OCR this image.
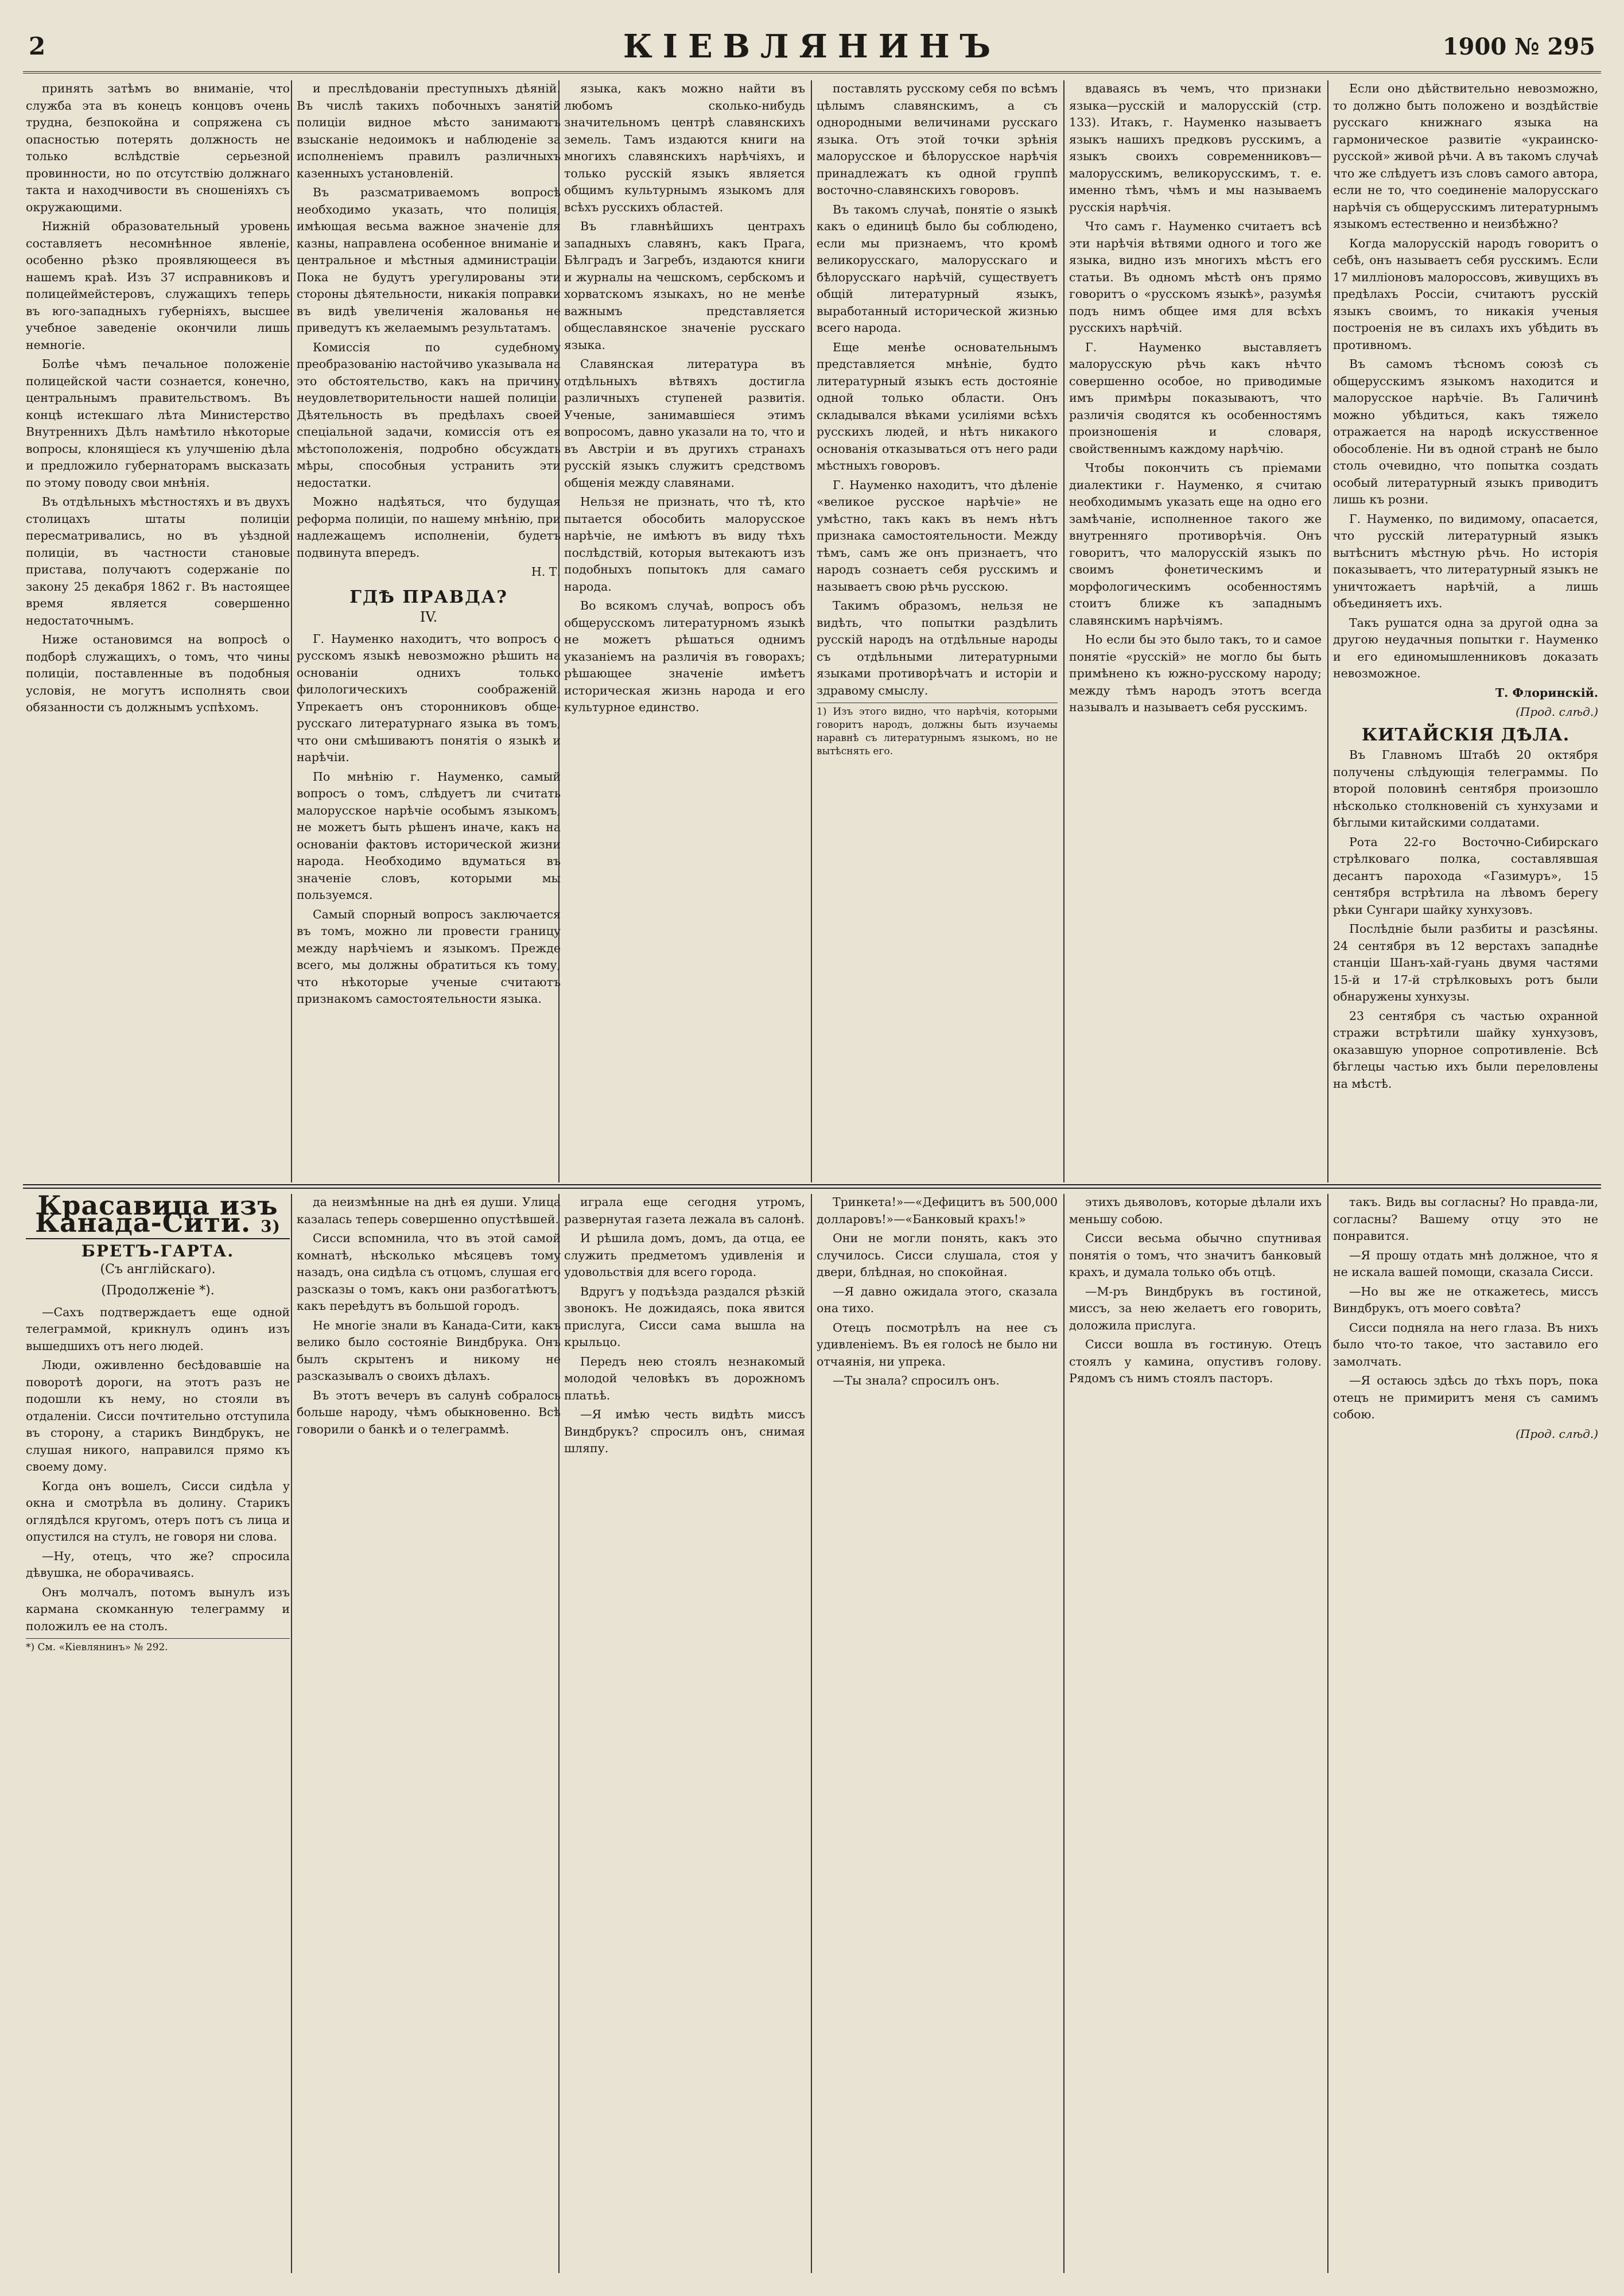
2	КІЕВЛЯНИНЪ	1900 № 295

принять затѣмъ во вниманіе, что служба эта въ конецъ концовъ очень трудна, безпокойна и сопряжена съ опасностью потерять должность не только вслѣдствіе серьезной провинности, но по отсутствію должнаго такта и находчивости въ сношеніяхъ съ окружающими.

Нижній образовательный уровень составляетъ несомнѣнное явленіе, особенно рѣзко проявляющееся въ нашемъ краѣ. Изъ 37 исправниковъ и полицеймейстеровъ, служащихъ теперь въ юго-западныхъ губерніяхъ, высшее учебное заведеніе окончили лишь немногіе.

Болѣе чѣмъ печальное положеніе полицейской части сознается, конечно, центральнымъ правительствомъ. Въ концѣ истекшаго лѣта Министерство Внутреннихъ Дѣлъ намѣтило нѣкоторые вопросы, клонящіеся къ улучшенію дѣла и предложило губернаторамъ высказать по этому поводу свои мнѣнія.

Въ отдѣльныхъ мѣстностяхъ и въ двухъ столицахъ штаты полиціи пересматривались, но въ уѣздной полиціи, въ частности становые пристава, получаютъ содержаніе по закону 25 декабря 1862 г. Въ настоящее время является совершенно недостаточнымъ.

Ниже остановимся на вопросѣ о подборѣ служащихъ, о томъ, что чины полиціи, поставленные въ подобныя условія, не могутъ исполнять свои обязанности съ должнымъ успѣхомъ.

и преслѣдованіи преступныхъ дѣяній. Въ числѣ такихъ побочныхъ занятій полиціи видное мѣсто занимаютъ взысканіе недоимокъ и наблюденіе за исполненіемъ правилъ различныхъ казенныхъ установленій.

Въ разсматриваемомъ вопросѣ необходимо указать, что полиція, имѣющая весьма важное значеніе для казны, направлена особенное вниманіе и центральное и мѣстныя администраціи. Пока не будутъ урегулированы эти стороны дѣятельности, никакія поправки въ видѣ увеличенія жалованья не приведутъ къ желаемымъ результатамъ.

Комиссія по судебному преобразованію настойчиво указывала на это обстоятельство, какъ на причину неудовлетворительности нашей полиціи. Дѣятельность въ предѣлахъ своей спеціальной задачи, комиссія отъ ея мѣстоположенія, подробно обсуждать мѣры, способныя устранить эти недостатки.

Можно надѣяться, что будущая реформа полиціи, по нашему мнѣнію, при надлежащемъ исполненіи, будетъ подвинута впередъ.

Н. Т.

ГДѢ ПРАВДА?
IV.

Г. Науменко находитъ, что вопросъ о русскомъ языкѣ невозможно рѣшить на основаніи однихъ только филологическихъ соображеній. Упрекаетъ онъ сторонниковъ обще-русскаго литературнаго языка въ томъ, что они смѣшиваютъ понятія о языкѣ и нарѣчіи.

По мнѣнію г. Науменко, самый вопросъ о томъ, слѣдуетъ ли считать малорусское нарѣчіе особымъ языкомъ, не можетъ быть рѣшенъ иначе, какъ на основаніи фактовъ исторической жизни народа. Необходимо вдуматься въ значеніе словъ, которыми мы пользуемся.

Самый спорный вопросъ заключается въ томъ, можно ли провести границу между нарѣчіемъ и языкомъ. Прежде всего, мы должны обратиться къ тому, что нѣкоторые ученые считаютъ признакомъ самостоятельности языка.

языка, какъ можно найти въ любомъ сколько-нибудь значительномъ центрѣ славянскихъ земель. Тамъ издаются книги на многихъ славянскихъ нарѣчіяхъ, и только русскій языкъ является общимъ культурнымъ языкомъ для всѣхъ русскихъ областей.

Въ главнѣйшихъ центрахъ западныхъ славянъ, какъ Прага, Бѣлградъ и Загребъ, издаются книги и журналы на чешскомъ, сербскомъ и хорватскомъ языкахъ, но не менѣе важнымъ представляется общеславянское значеніе русскаго языка.

Славянская литература въ отдѣльныхъ вѣтвяхъ достигла различныхъ ступеней развитія. Ученые, занимавшіеся этимъ вопросомъ, давно указали на то, что и въ Австріи и въ другихъ странахъ русскій языкъ служитъ средствомъ общенія между славянами.

Нельзя не признать, что тѣ, кто пытается обособить малорусское нарѣчіе, не имѣютъ въ виду тѣхъ послѣдствій, которыя вытекаютъ изъ подобныхъ попытокъ для самаго народа.

Во всякомъ случаѣ, вопросъ объ общерусскомъ литературномъ языкѣ не можетъ рѣшаться однимъ указаніемъ на различія въ говорахъ; рѣшающее значеніе имѣетъ историческая жизнь народа и его культурное единство.

поставлять русскому себя по всѣмъ цѣлымъ славянскимъ, а съ однородными величинами русскаго языка. Отъ этой точки зрѣнія малорусское и бѣлорусское нарѣчія принадлежатъ къ одной группѣ восточно-славянскихъ говоровъ.

Въ такомъ случаѣ, понятіе о языкѣ какъ о единицѣ было бы соблюдено, если мы признаемъ, что кромѣ великорусскаго, малорусскаго и бѣлорусскаго нарѣчій, существуетъ общій литературный языкъ, выработанный исторической жизнью всего народа.

Еще менѣе основательнымъ представляется мнѣніе, будто литературный языкъ есть достояніе одной только области. Онъ складывался вѣками усиліями всѣхъ русскихъ людей, и нѣтъ никакого основанія отказываться отъ него ради мѣстныхъ говоровъ.

Г. Науменко находитъ, что дѣленіе «великое русское нарѣчіе» не умѣстно, такъ какъ въ немъ нѣтъ признака самостоятельности. Между тѣмъ, самъ же онъ признаетъ, что народъ сознаетъ себя русскимъ и называетъ свою рѣчь русскою.

Такимъ образомъ, нельзя не видѣть, что попытки раздѣлить русскій народъ на отдѣльные народы съ отдѣльными литературными языками противорѣчатъ и исторіи и здравому смыслу.

1) Изъ этого видно, что нарѣчія, которыми говоритъ народъ, должны быть изучаемы наравнѣ съ литературнымъ языкомъ, но не вытѣснять его.

вдаваясь въ чемъ, что признаки языка—русскій и малорусскій (стр. 133). Итакъ, г. Науменко называетъ языкъ нашихъ предковъ русскимъ, а языкъ своихъ современниковъ—малорусскимъ, великорусскимъ, т. е. именно тѣмъ, чѣмъ и мы называемъ русскія нарѣчія.

Что самъ г. Науменко считаетъ всѣ эти нарѣчія вѣтвями одного и того же языка, видно изъ многихъ мѣстъ его статьи. Въ одномъ мѣстѣ онъ прямо говоритъ о «русскомъ языкѣ», разумѣя подъ нимъ общее имя для всѣхъ русскихъ нарѣчій.

Г. Науменко выставляетъ малорусскую рѣчь какъ нѣчто совершенно особое, но приводимые имъ примѣры показываютъ, что различія сводятся къ особенностямъ произношенія и словаря, свойственнымъ каждому нарѣчію.

Чтобы покончить съ пріемами диалектики г. Науменко, я считаю необходимымъ указать еще на одно его замѣчаніе, исполненное такого же внутренняго противорѣчія. Онъ говоритъ, что малорусскій языкъ по своимъ фонетическимъ и морфологическимъ особенностямъ стоитъ ближе къ западнымъ славянскимъ нарѣчіямъ.

Но если бы это было такъ, то и самое понятіе «русскій» не могло бы быть примѣнено къ южно-русскому народу; между тѣмъ народъ этотъ всегда называлъ и называетъ себя русскимъ.

Если оно дѣйствительно невозможно, то должно быть положено и воздѣйствіе русскаго книжнаго языка на гармоническое развитіе «украинско-русской» живой рѣчи. А въ такомъ случаѣ что же слѣдуетъ изъ словъ самого автора, если не то, что соединеніе малорусскаго нарѣчія съ общерусскимъ литературнымъ языкомъ естественно и неизбѣжно?

Когда малорусскій народъ говоритъ о себѣ, онъ называетъ себя русскимъ. Если 17 милліоновъ малороссовъ, живущихъ въ предѣлахъ Россіи, считаютъ русскій языкъ своимъ, то никакія ученыя построенія не въ силахъ ихъ убѣдить въ противномъ.

Въ самомъ тѣсномъ союзѣ съ общерусскимъ языкомъ находится и малорусское нарѣчіе. Въ Галичинѣ можно убѣдиться, какъ тяжело отражается на народѣ искусственное обособленіе. Ни въ одной странѣ не было столь очевидно, что попытка создать особый литературный языкъ приводитъ лишь къ розни.

Г. Науменко, по видимому, опасается, что русскій литературный языкъ вытѣснитъ мѣстную рѣчь. Но исторія показываетъ, что литературный языкъ не уничтожаетъ нарѣчій, а лишь объединяетъ ихъ.

Такъ рушатся одна за другой одна за другою неудачныя попытки г. Науменко и его единомышленниковъ доказать невозможное.

Т. Флоринскій.

(Прод. слѣд.)
КИТАЙСКІЯ ДѢЛА.

Въ Главномъ Штабѣ 20 октября получены слѣдующія телеграммы. По второй половинѣ сентября произошло нѣсколько столкновеній съ хунхузами и бѣглыми китайскими солдатами.

Рота 22-го Восточно-Сибирскаго стрѣлковаго полка, составлявшая десантъ парохода «Газимуръ», 15 сентября встрѣтила на лѣвомъ берегу рѣки Сунгари шайку хунхузовъ.

Послѣдніе были разбиты и разсѣяны. 24 сентября въ 12 верстахъ западнѣе станціи Шанъ-хай-гуань двумя частями 15-й и 17-й стрѣлковыхъ ротъ были обнаружены хунхузы.

23 сентября съ частью охранной стражи встрѣтили шайку хунхузовъ, оказавшую упорное сопротивленіе. Всѣ бѣглецы частью ихъ были переловлены на мѣстѣ.

Красавица изъ Канада-Сити. 3)
БРЕТЪ-ГАРТА.
(Съ англійскаго).
(Продолженіе *).

—Сахъ подтверждаетъ еще одной телеграммой, крикнулъ одинъ изъ вышедшихъ отъ него людей.

Люди, оживленно бесѣдовавшіе на поворотѣ дороги, на этотъ разъ не подошли къ нему, но стояли въ отдаленіи. Сисси почтительно отступила въ сторону, а старикъ Виндбрукъ, не слушая никого, направился прямо къ своему дому.

Когда онъ вошелъ, Сисси сидѣла у окна и смотрѣла въ долину. Старикъ оглядѣлся кругомъ, отеръ потъ съ лица и опустился на стулъ, не говоря ни слова.

—Ну, отецъ, что же? спросила дѣвушка, не оборачиваясь.

Онъ молчалъ, потомъ вынулъ изъ кармана скомканную телеграмму и положилъ ее на столъ.

*) См. «Кіевлянинъ» № 292.

да неизмѣнные на днѣ ея души. Улица казалась теперь совершенно опустѣвшей.

Сисси вспомнила, что въ этой самой комнатѣ, нѣсколько мѣсяцевъ тому назадъ, она сидѣла съ отцомъ, слушая его разсказы о томъ, какъ они разбогатѣютъ, какъ переѣдутъ въ большой городъ.

Не многіе знали въ Канада-Сити, какъ велико было состояніе Виндбрука. Онъ былъ скрытенъ и никому не разсказывалъ о своихъ дѣлахъ.

Въ этотъ вечеръ въ салунѣ собралось больше народу, чѣмъ обыкновенно. Всѣ говорили о банкѣ и о телеграммѣ.

играла еще сегодня утромъ, развернутая газета лежала въ салонѣ.

И рѣшила домъ, домъ, да отца, ее служить предметомъ удивленія и удовольствія для всего города.

Вдругъ у подъѣзда раздался рѣзкій звонокъ. Не дожидаясь, пока явится прислуга, Сисси сама вышла на крыльцо.

Передъ нею стоялъ незнакомый молодой человѣкъ въ дорожномъ платьѣ.

—Я имѣю честь видѣть миссъ Виндбрукъ? спросилъ онъ, снимая шляпу.

Тринкета!»—«Дефицитъ въ 500,000 долларовъ!»—«Банковый крахъ!»

Они не могли понять, какъ это случилось. Сисси слушала, стоя у двери, блѣдная, но спокойная.

—Я давно ожидала этого, сказала она тихо.

Отецъ посмотрѣлъ на нее съ удивленіемъ. Въ ея голосѣ не было ни отчаянія, ни упрека.

—Ты знала? спросилъ онъ.

этихъ дьяволовъ, которые дѣлали ихъ меньшу собою.

Сисси весьма обычно спутнивая понятія о томъ, что значитъ банковый крахъ, и думала только объ отцѣ.

—М-ръ Виндбрукъ въ гостиной, миссъ, за нею желаетъ его говорить, доложила прислуга.

Сисси вошла въ гостиную. Отецъ стоялъ у камина, опустивъ голову. Рядомъ съ нимъ стоялъ пасторъ.

такъ. Видь вы согласны? Но правда-ли, согласны? Вашему отцу это не понравится.

—Я прошу отдать мнѣ должное, что я не искала вашей помощи, сказала Сисси.

—Но вы же не откажетесь, миссъ Виндбрукъ, отъ моего совѣта?

Сисси подняла на него глаза. Въ нихъ было что-то такое, что заставило его замолчать.

—Я остаюсь здѣсь до тѣхъ поръ, пока отецъ не примиритъ меня съ самимъ собою.

(Прод. слѣд.)
